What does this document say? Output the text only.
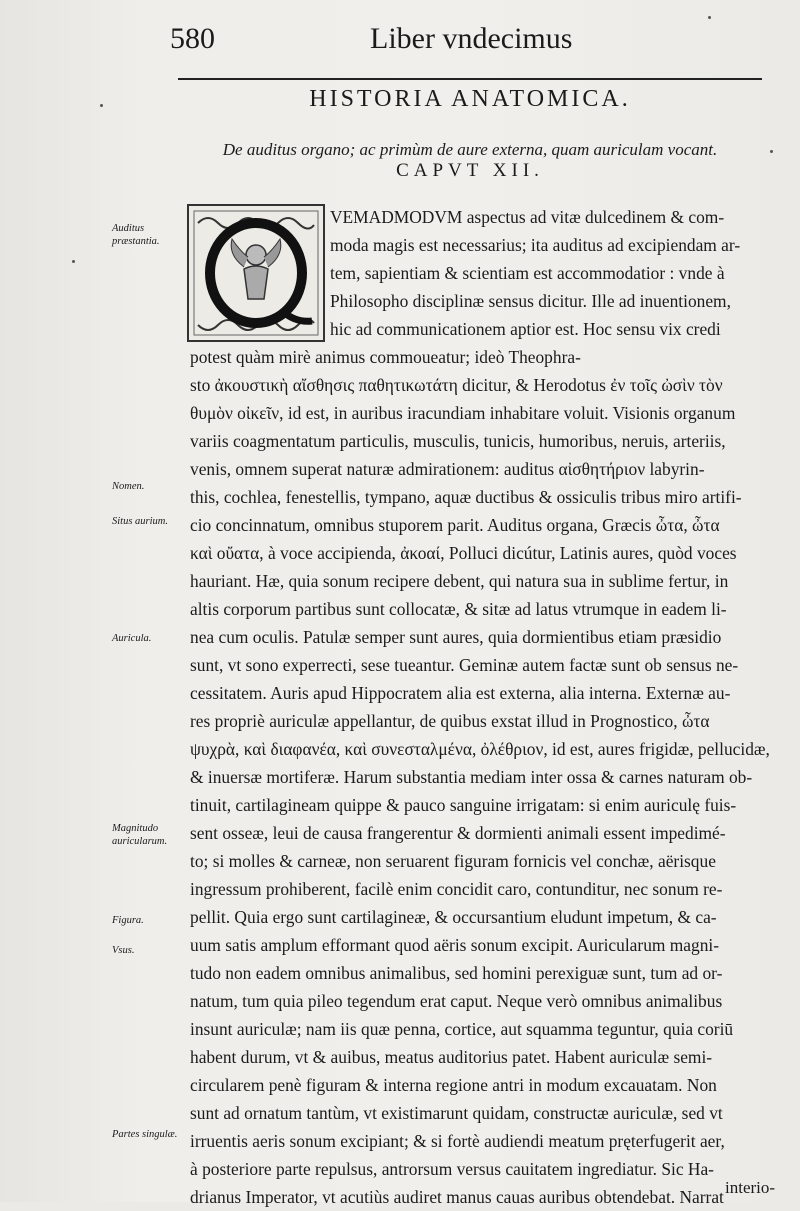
580	Liber vndecimus
HISTORIA ANATOMICA.
De auditus organo; ac primùm de aure externa, quam auriculam vocant.
CAPVT XII.
Auditus præstantia.
Nomen.
Situs aurium.
Auricula.
Magnitudo auricularum.
Figura.
Vsus.
Partes singulæ.
VEMADMODVM aspectus ad vitæ dulcedinem & com-
moda magis est necessarius; ita auditus ad excipiendam ar-
tem, sapientiam & scientiam est accommodatior : vnde à
Philosopho disciplinæ sensus dicitur. Ille ad inuentionem,
hic ad communicationem aptior est. Hoc sensu vix credi
potest quàm mirè animus commoueatur; ideò Theophra-
sto ἀκουστικὴ αἴσθησις παθητικωτάτη dicitur, & Herodotus ἐν τοῖς ὠσὶν τὸν
θυμὸν οἰκεῖν, id est, in auribus iracundiam inhabitare voluit. Visionis organum
variis coagmentatum particulis, musculis, tunicis, humoribus, neruis, arteriis,
venis, omnem superat naturæ admirationem: auditus αἰσθητήριον labyrin-
this, cochlea, fenestellis, tympano, aquæ ductibus & ossiculis tribus miro artifi-
cio concinnatum, omnibus stuporem parit. Auditus organa, Græcis ὦτα, ὦτα
καὶ οὔατα, à voce accipienda, ἀκοαί, Polluci dicútur, Latinis aures, quòd voces
hauriant. Hæ, quia sonum recipere debent, qui natura sua in sublime fertur, in
altis corporum partibus sunt collocatæ, & sitæ ad latus vtrumque in eadem li-
nea cum oculis. Patulæ semper sunt aures, quia dormientibus etiam præsidio
sunt, vt sono experrecti, sese tueantur. Geminæ autem factæ sunt ob sensus ne-
cessitatem. Auris apud Hippocratem alia est externa, alia interna. Externæ au-
res propriè auriculæ appellantur, de quibus exstat illud in Prognostico, ὦτα
ψυχρὰ, καὶ διαφανέα, καὶ συνεσταλμένα, ὀλέθριον, id est, aures frigidæ, pellucidæ,
& inuersæ mortiferæ. Harum substantia mediam inter ossa & carnes naturam ob-
tinuit, cartilagineam quippe & pauco sanguine irrigatam: si enim auriculę fuis-
sent osseæ, leui de causa frangerentur & dormienti animali essent impedimé-
to; si molles & carneæ, non seruarent figuram fornicis vel conchæ, aërisque
ingressum prohiberent, facilè enim concidit caro, contunditur, nec sonum re-
pellit. Quia ergo sunt cartilagineæ, & occursantium eludunt impetum, & ca-
uum satis amplum efformant quod aëris sonum excipit. Auricularum magni-
tudo non eadem omnibus animalibus, sed homini perexiguæ sunt, tum ad or-
natum, tum quia pileo tegendum erat caput. Neque verò omnibus animalibus
insunt auriculæ; nam iis quæ penna, cortice, aut squamma teguntur, quia coriū
habent durum, vt & auibus, meatus auditorius patet. Habent auriculæ semi-
circularem penè figuram & interna regione antri in modum excauatam. Non
sunt ad ornatum tantùm, vt existimarunt quidam, constructæ auriculæ, sed vt
irruentis aeris sonum excipiant; & si fortè audiendi meatum pręterfugerit aer,
à posteriore parte repulsus, antrorsum versus cauitatem ingrediatur. Sic Ha-
drianus Imperator, vt acutiùs audiret manus cauas auribus obtendebat. Narrat interio-
